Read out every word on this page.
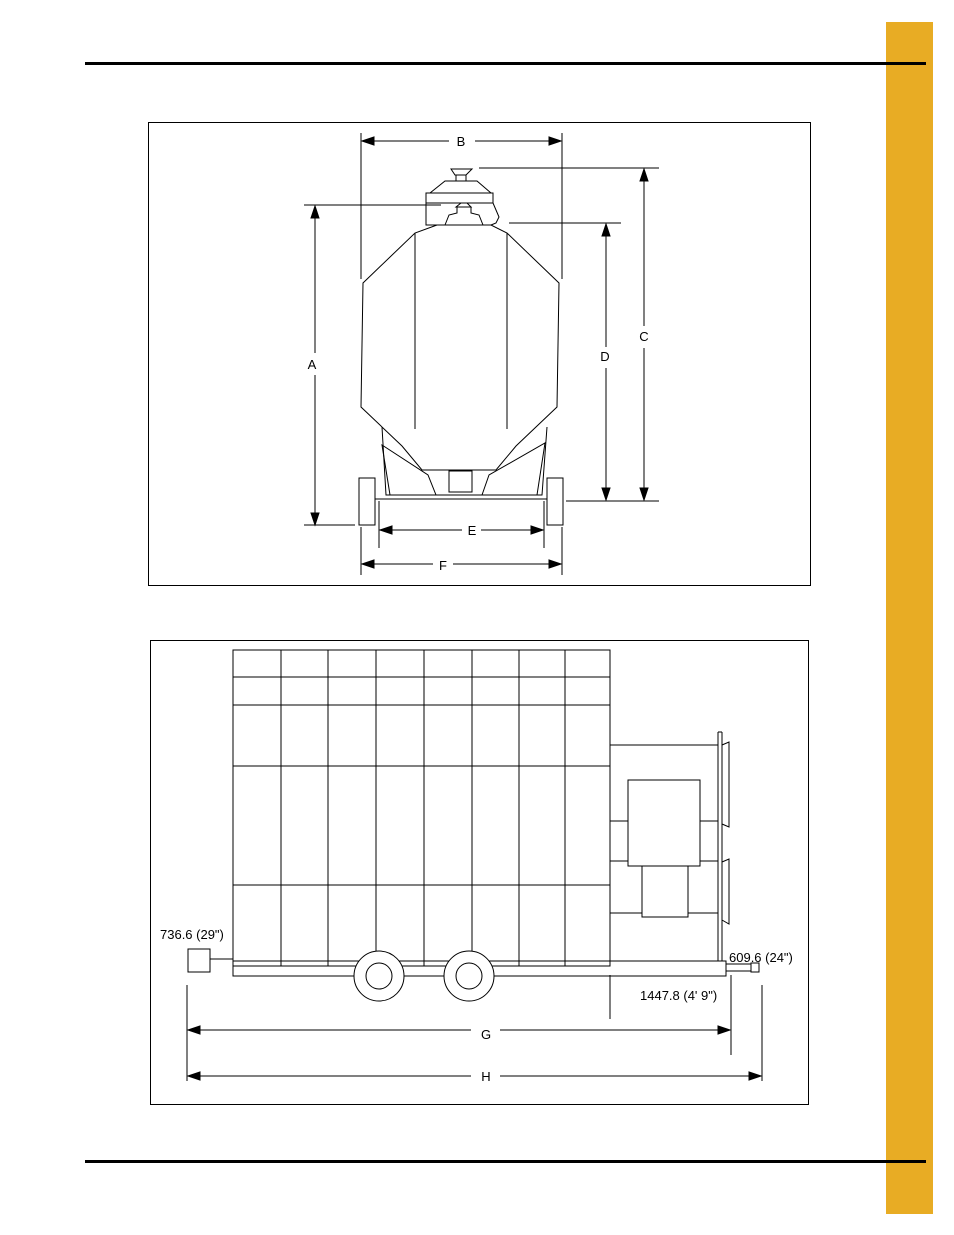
B
A
C
D
E
F
G
H
736.6 (29")
609.6 (24")
1447.8 (4' 9")
